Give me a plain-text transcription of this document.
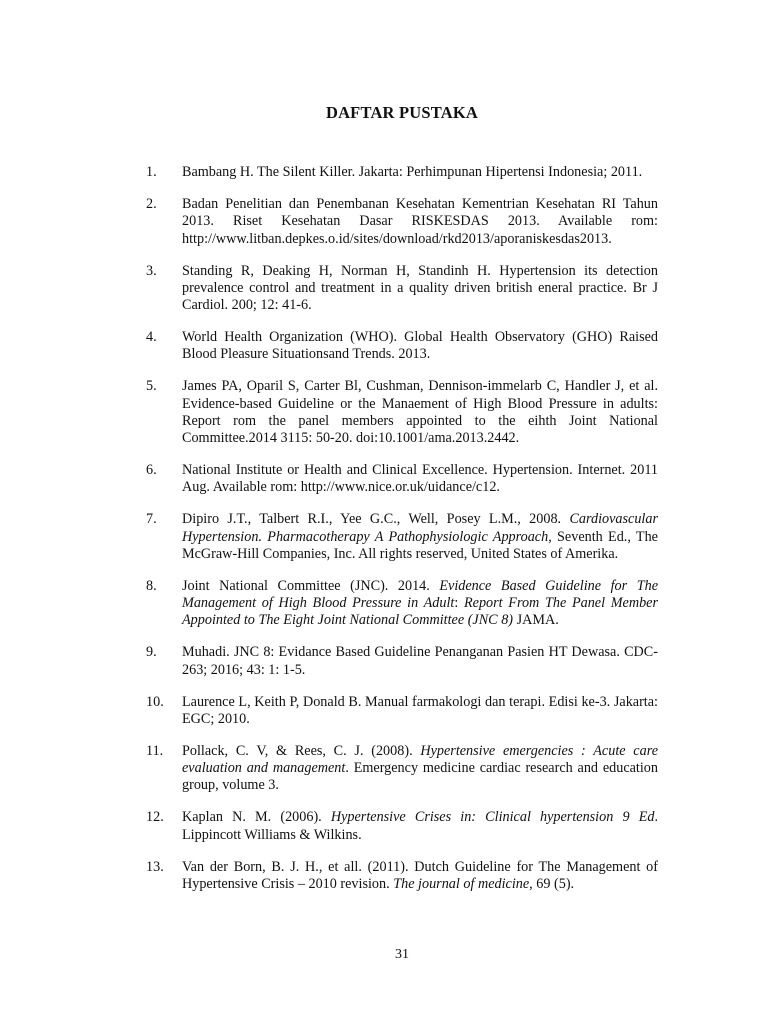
DAFTAR PUSTAKA
1. Bambang H. The Silent Killer. Jakarta: Perhimpunan Hipertensi Indonesia; 2011.
2. Badan Penelitian dan Penembanan Kesehatan Kementrian Kesehatan RI Tahun 2013. Riset Kesehatan Dasar RISKESDAS 2013. Available rom: http://www.litban.depkes.o.id/sites/download/rkd2013/aporaniskesdas2013.
3. Standing R, Deaking H, Norman H, Standinh H. Hypertension its detection prevalence control and treatment in a quality driven british eneral practice. Br J Cardiol. 200; 12: 41-6.
4. World Health Organization (WHO). Global Health Observatory (GHO) Raised Blood Pleasure Situationsand Trends. 2013.
5. James PA, Oparil S, Carter Bl, Cushman, Dennison-immelarb C, Handler J, et al. Evidence-based Guideline or the Manaement of High Blood Pressure in adults: Report rom the panel members appointed to the eihth Joint National Committee.2014 3115: 50-20. doi:10.1001/ama.2013.2442.
6. National Institute or Health and Clinical Excellence. Hypertension. Internet. 2011 Aug. Available rom: http://www.nice.or.uk/uidance/c12.
7. Dipiro J.T., Talbert R.I., Yee G.C., Well, Posey L.M., 2008. Cardiovascular Hypertension. Pharmacotherapy A Pathophysiologic Approach, Seventh Ed., The McGraw-Hill Companies, Inc. All rights reserved, United States of Amerika.
8. Joint National Committee (JNC). 2014. Evidence Based Guideline for The Management of High Blood Pressure in Adult: Report From The Panel Member Appointed to The Eight Joint National Committee (JNC 8) JAMA.
9. Muhadi. JNC 8: Evidance Based Guideline Penanganan Pasien HT Dewasa. CDC-263; 2016; 43: 1: 1-5.
10. Laurence L, Keith P, Donald B. Manual farmakologi dan terapi. Edisi ke-3. Jakarta: EGC; 2010.
11. Pollack, C. V, & Rees, C. J. (2008). Hypertensive emergencies : Acute care evaluation and management. Emergency medicine cardiac research and education group, volume 3.
12. Kaplan N. M. (2006). Hypertensive Crises in: Clinical hypertension 9 Ed. Lippincott Williams & Wilkins.
13. Van der Born, B. J. H., et all. (2011). Dutch Guideline for The Management of Hypertensive Crisis – 2010 revision. The journal of medicine, 69 (5).
31
